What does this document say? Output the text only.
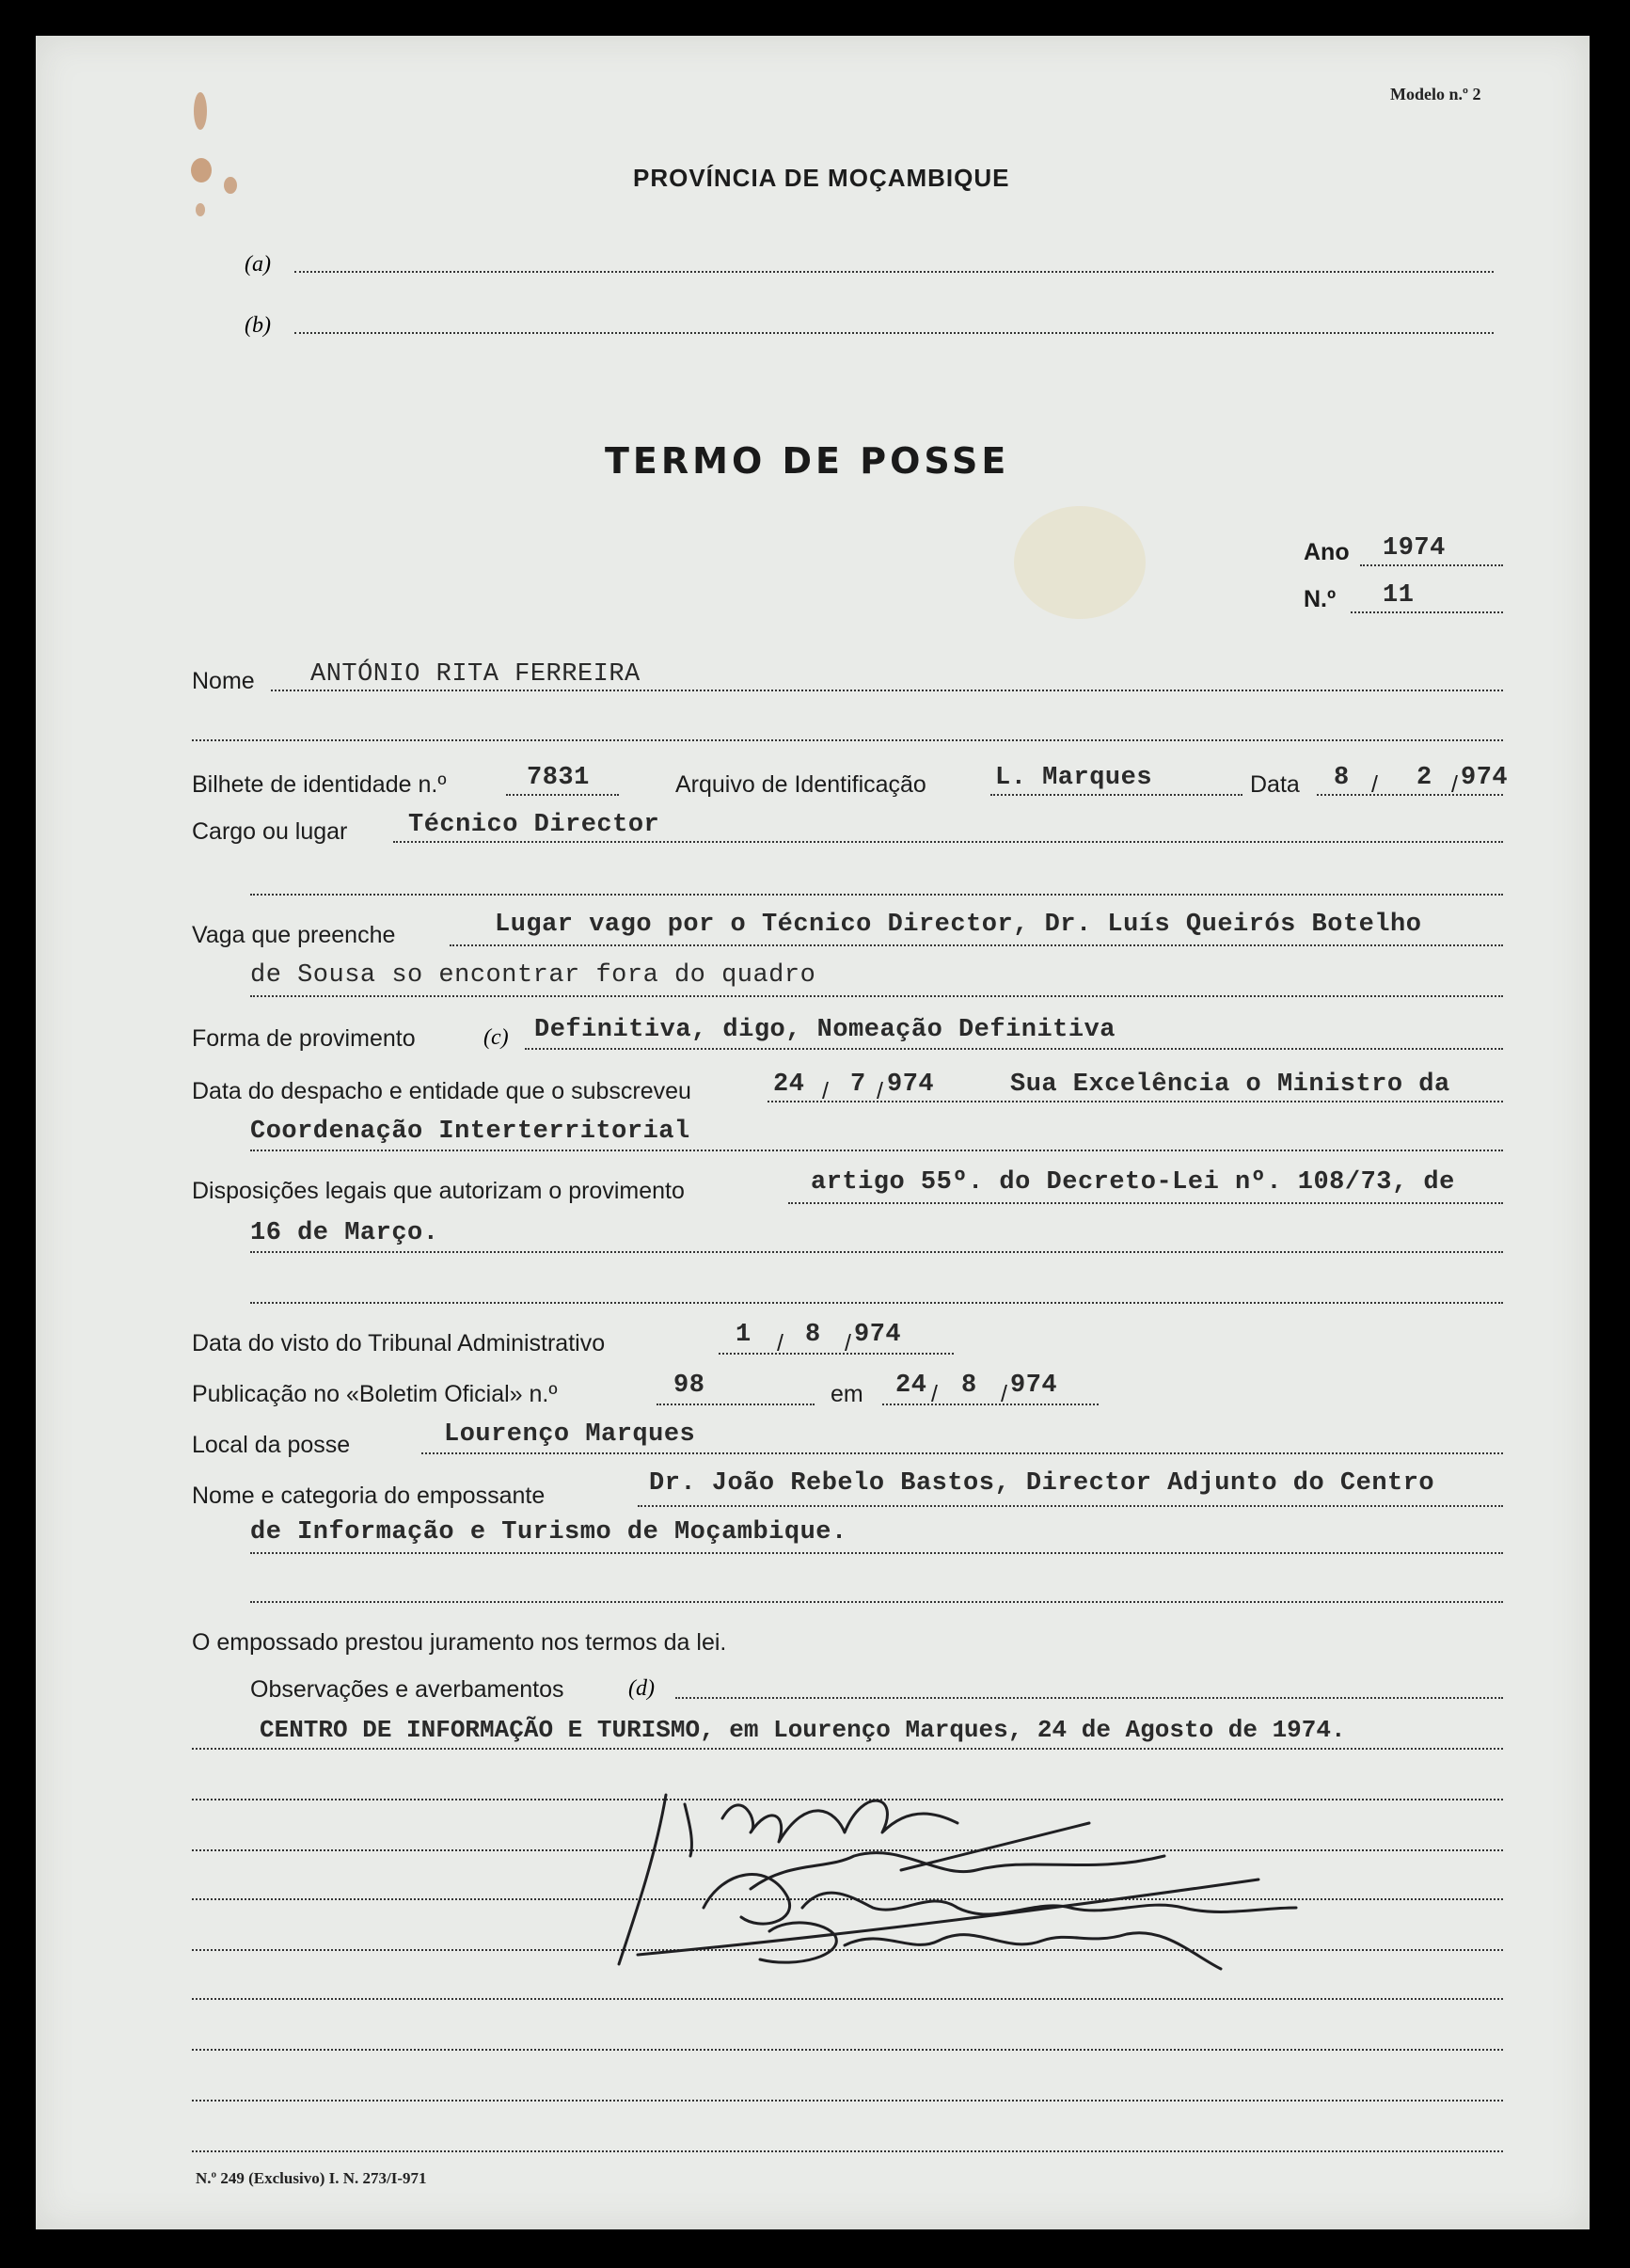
Modelo n.º 2
PROVÍNCIA DE MOÇAMBIQUE
(a)
(b)
TERMO DE POSSE
Ano 1974
N.º 11
Nome ANTÓNIO RITA FERREIRA
Bilhete de identidade n.º	7831	Arquivo de Identificação	L. Marques	Data 8 / 2 / 974
Cargo ou lugar Técnico Director
Vaga que preenche	Lugar vago por o Técnico Director, Dr. Luís Queirós Botelho
de Sousa so encontrar fora do quadro
Forma de provimento	(c) Definitiva, digo, Nomeação Definitiva
Data do despacho e entidade que o subscreveu	24 / 7 / 974	Sua Excelência o Ministro da
Coordenação Interterritorial
Disposições legais que autorizam o provimento	artigo 55º. do Decreto-Lei nº. 108/73, de
16 de Março.
Data do visto do Tribunal Administrativo	1 / 8 / 974
Publicação no «Boletim Oficial» n.º	98	em 24 / 8 / 974
Local da posse	Lourenço Marques
Nome e categoria do empossante	Dr. João Rebelo Bastos, Director Adjunto do Centro
de Informação e Turismo de Moçambique.
O empossado prestou juramento nos termos da lei.
Observações e averbamentos	(d)
CENTRO DE INFORMAÇÃO E TURISMO, em Lourenço Marques, 24 de Agosto de 1974.
N.º 249 (Exclusivo) I. N. 273/I-971
